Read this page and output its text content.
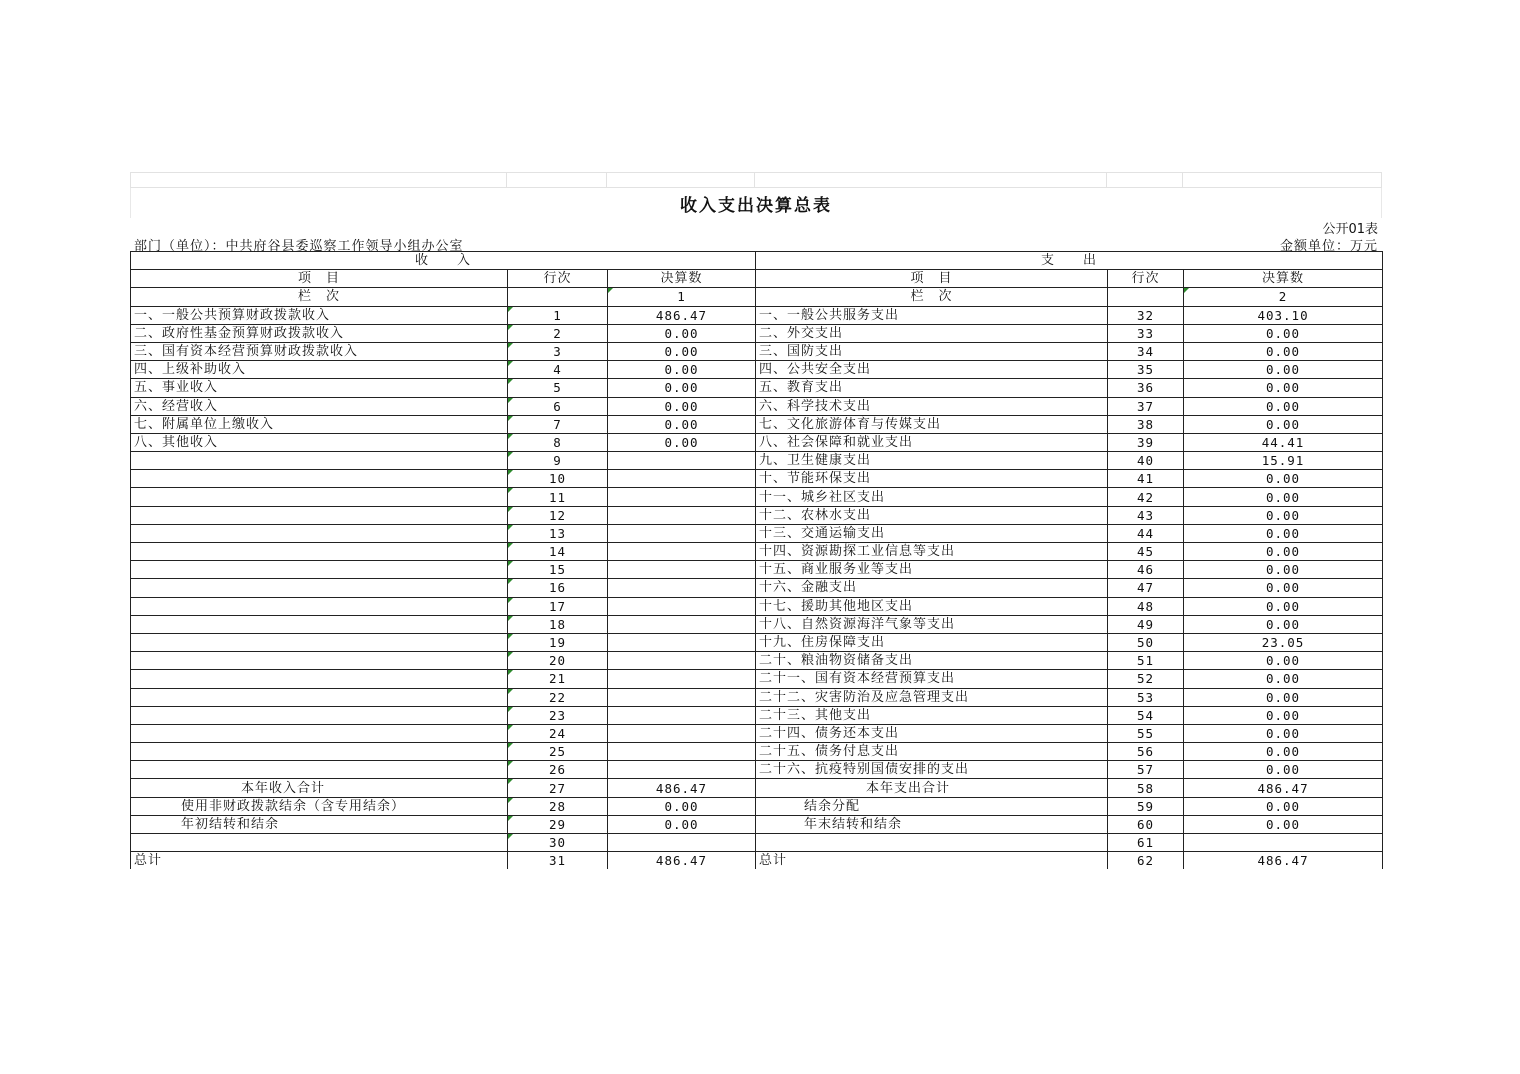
收入支出决算总表
公开01表
部门（单位）：中共府谷县委巡察工作领导小组办公室	金额单位：万元
收　　入			支　　出		
项　目	行次	决算数	项　目	行次	决算数
栏　次		1	栏　次		2
一、一般公共预算财政拨款收入	1	486.47	一、一般公共服务支出	32	403.10
二、政府性基金预算财政拨款收入	2	0.00	二、外交支出	33	0.00
三、国有资本经营预算财政拨款收入	3	0.00	三、国防支出	34	0.00
四、上级补助收入	4	0.00	四、公共安全支出	35	0.00
五、事业收入	5	0.00	五、教育支出	36	0.00
六、经营收入	6	0.00	六、科学技术支出	37	0.00
七、附属单位上缴收入	7	0.00	七、文化旅游体育与传媒支出	38	0.00
八、其他收入	8	0.00	八、社会保障和就业支出	39	44.41
	9		九、卫生健康支出	40	15.91
	10		十、节能环保支出	41	0.00
	11		十一、城乡社区支出	42	0.00
	12		十二、农林水支出	43	0.00
	13		十三、交通运输支出	44	0.00
	14		十四、资源勘探工业信息等支出	45	0.00
	15		十五、商业服务业等支出	46	0.00
	16		十六、金融支出	47	0.00
	17		十七、援助其他地区支出	48	0.00
	18		十八、自然资源海洋气象等支出	49	0.00
	19		十九、住房保障支出	50	23.05
	20		二十、粮油物资储备支出	51	0.00
	21		二十一、国有资本经营预算支出	52	0.00
	22		二十二、灾害防治及应急管理支出	53	0.00
	23		二十三、其他支出	54	0.00
	24		二十四、债务还本支出	55	0.00
	25		二十五、债务付息支出	56	0.00
	26		二十六、抗疫特别国债安排的支出	57	0.00
本年收入合计	27	486.47	本年支出合计	58	486.47
使用非财政拨款结余（含专用结余）	28	0.00	结余分配	59	0.00
年初结转和结余	29	0.00	年末结转和结余	60	0.00
	30			61	
总计	31	486.47	总计	62	486.47
